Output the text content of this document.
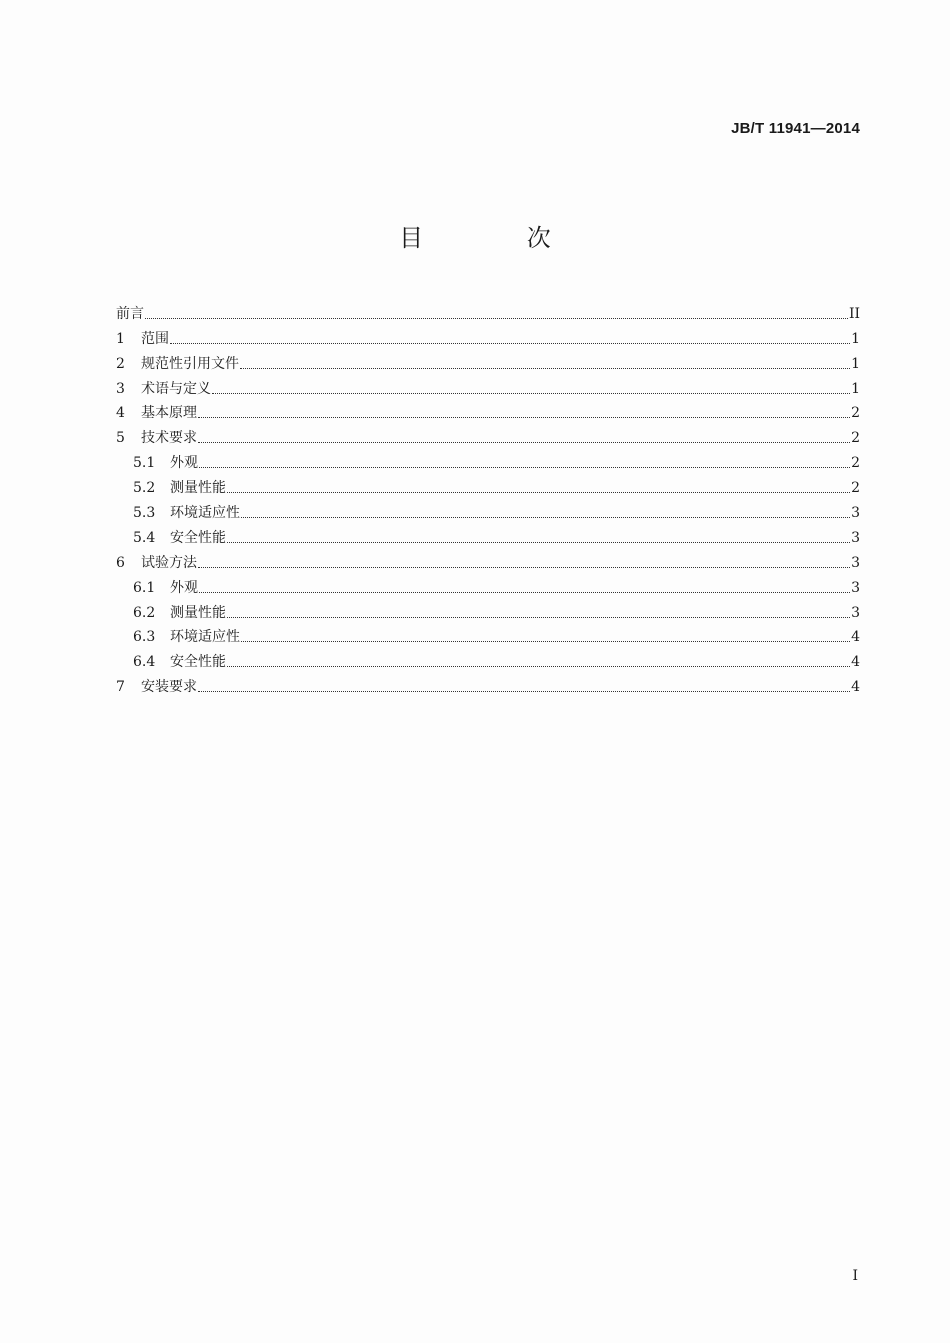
JB/T 11941—2014
目 次
前言	II
1	范围	1
2	规范性引用文件	1
3	术语与定义	1
4	基本原理	2
5	技术要求	2
5.1	外观	2
5.2	测量性能	2
5.3	环境适应性	3
5.4	安全性能	3
6	试验方法	3
6.1	外观	3
6.2	测量性能	3
6.3	环境适应性	4
6.4	安全性能	4
7	安装要求	4
I
